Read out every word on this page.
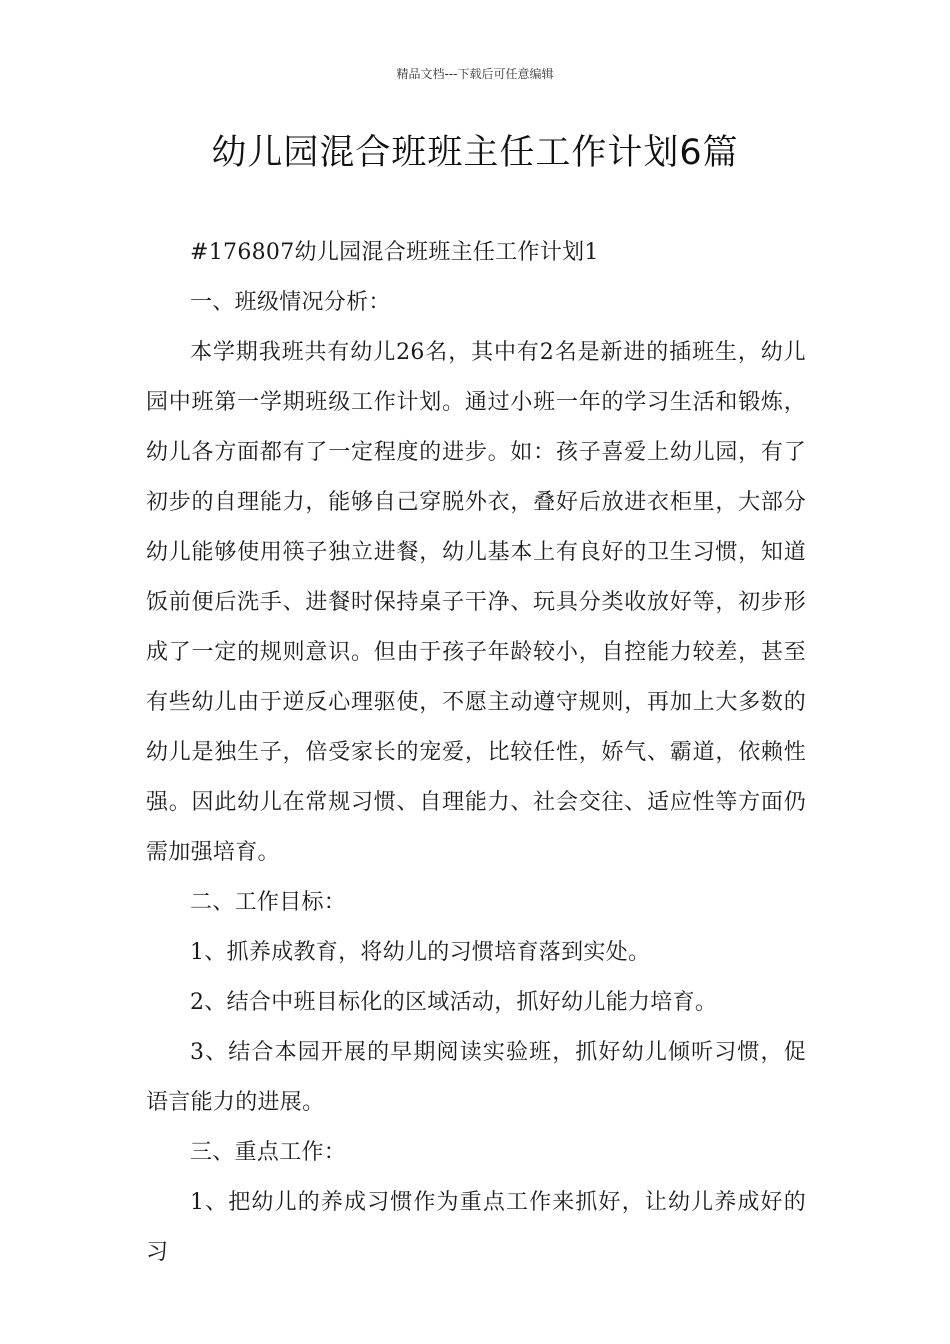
精品文档---下载后可任意编辑
幼儿园混合班班主任工作计划6篇

#176807幼儿园混合班班主任工作计划1

一、班级情况分析：

本学期我班共有幼儿26名，其中有2名是新进的插班生，幼儿园中班第一学期班级工作计划。通过小班一年的学习生活和锻炼，幼儿各方面都有了一定程度的进步。如：孩子喜爱上幼儿园，有了初步的自理能力，能够自己穿脱外衣，叠好后放进衣柜里，大部分幼儿能够使用筷子独立进餐，幼儿基本上有良好的卫生习惯，知道饭前便后洗手、进餐时保持桌子干净、玩具分类收放好等，初步形成了一定的规则意识。但由于孩子年龄较小，自控能力较差，甚至有些幼儿由于逆反心理驱使，不愿主动遵守规则，再加上大多数的幼儿是独生子，倍受家长的宠爱，比较任性，娇气、霸道，依赖性强。因此幼儿在常规习惯、自理能力、社会交往、适应性等方面仍需加强培育。

二、工作目标：

1、抓养成教育，将幼儿的习惯培育落到实处。

2、结合中班目标化的区域活动，抓好幼儿能力培育。

3、结合本园开展的早期阅读实验班，抓好幼儿倾听习惯，促语言能力的进展。

三、重点工作：

1、把幼儿的养成习惯作为重点工作来抓好，让幼儿养成好的习
